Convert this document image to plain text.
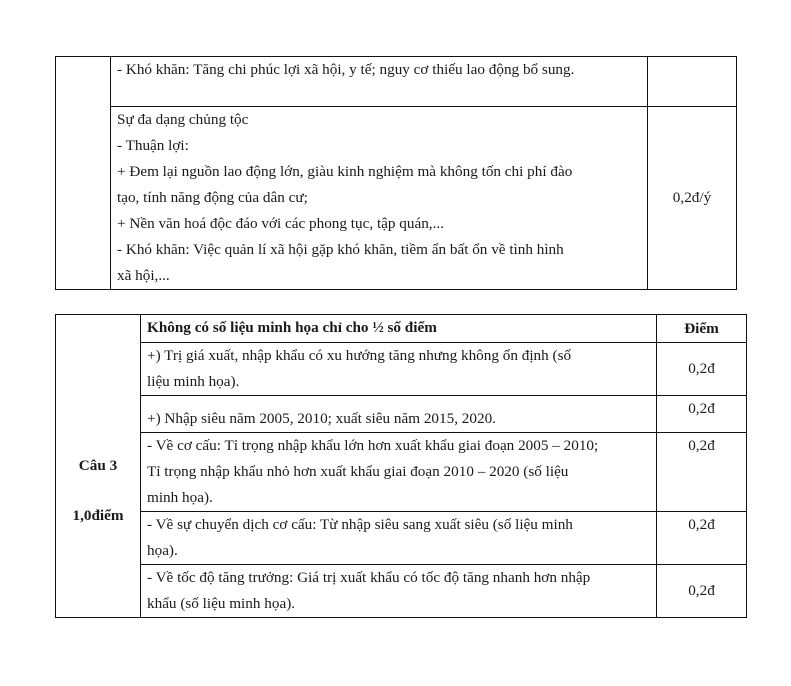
	- Khó khăn: Tăng chi phúc lợi xã hội, y tế; nguy cơ thiếu lao động bổ sung.	

Sự đa dạng chủng tộc
- Thuận lợi:
+ Đem lại nguồn lao động lớn, giàu kinh nghiệm mà không tốn chi phí đào
tạo, tính năng động của dân cư;
+ Nền văn hoá độc đáo với các phong tục, tập quán,...
- Khó khăn: Việc quản lí xã hội gặp khó khăn, tiềm ẩn bất ổn về tình hình
xã hội,...
	0,2đ/ý
Câu 3
1,0điểm	Không có số liệu minh họa chỉ cho ½ số điểm	Điểm

	+) Trị giá xuất, nhập khẩu có xu hướng tăng nhưng không ổn định (số
liệu minh họa).	0,2đ

	+) Nhập siêu năm 2005, 2010; xuất siêu năm 2015, 2020.	0,2đ

	- Về cơ cấu: Tỉ trọng nhập khẩu lớn hơn xuất khẩu giai đoạn 2005 – 2010;
Tỉ trọng nhập khẩu nhỏ hơn xuất khẩu giai đoạn 2010 – 2020 (số liệu
minh họa).	0,2đ

	- Về sự chuyển dịch cơ cấu: Từ nhập siêu sang xuất siêu (số liệu minh
họa).	0,2đ

	- Về tốc độ tăng trưởng: Giá trị xuất khẩu có tốc độ tăng nhanh hơn nhập
khẩu (số liệu minh họa).	0,2đ
